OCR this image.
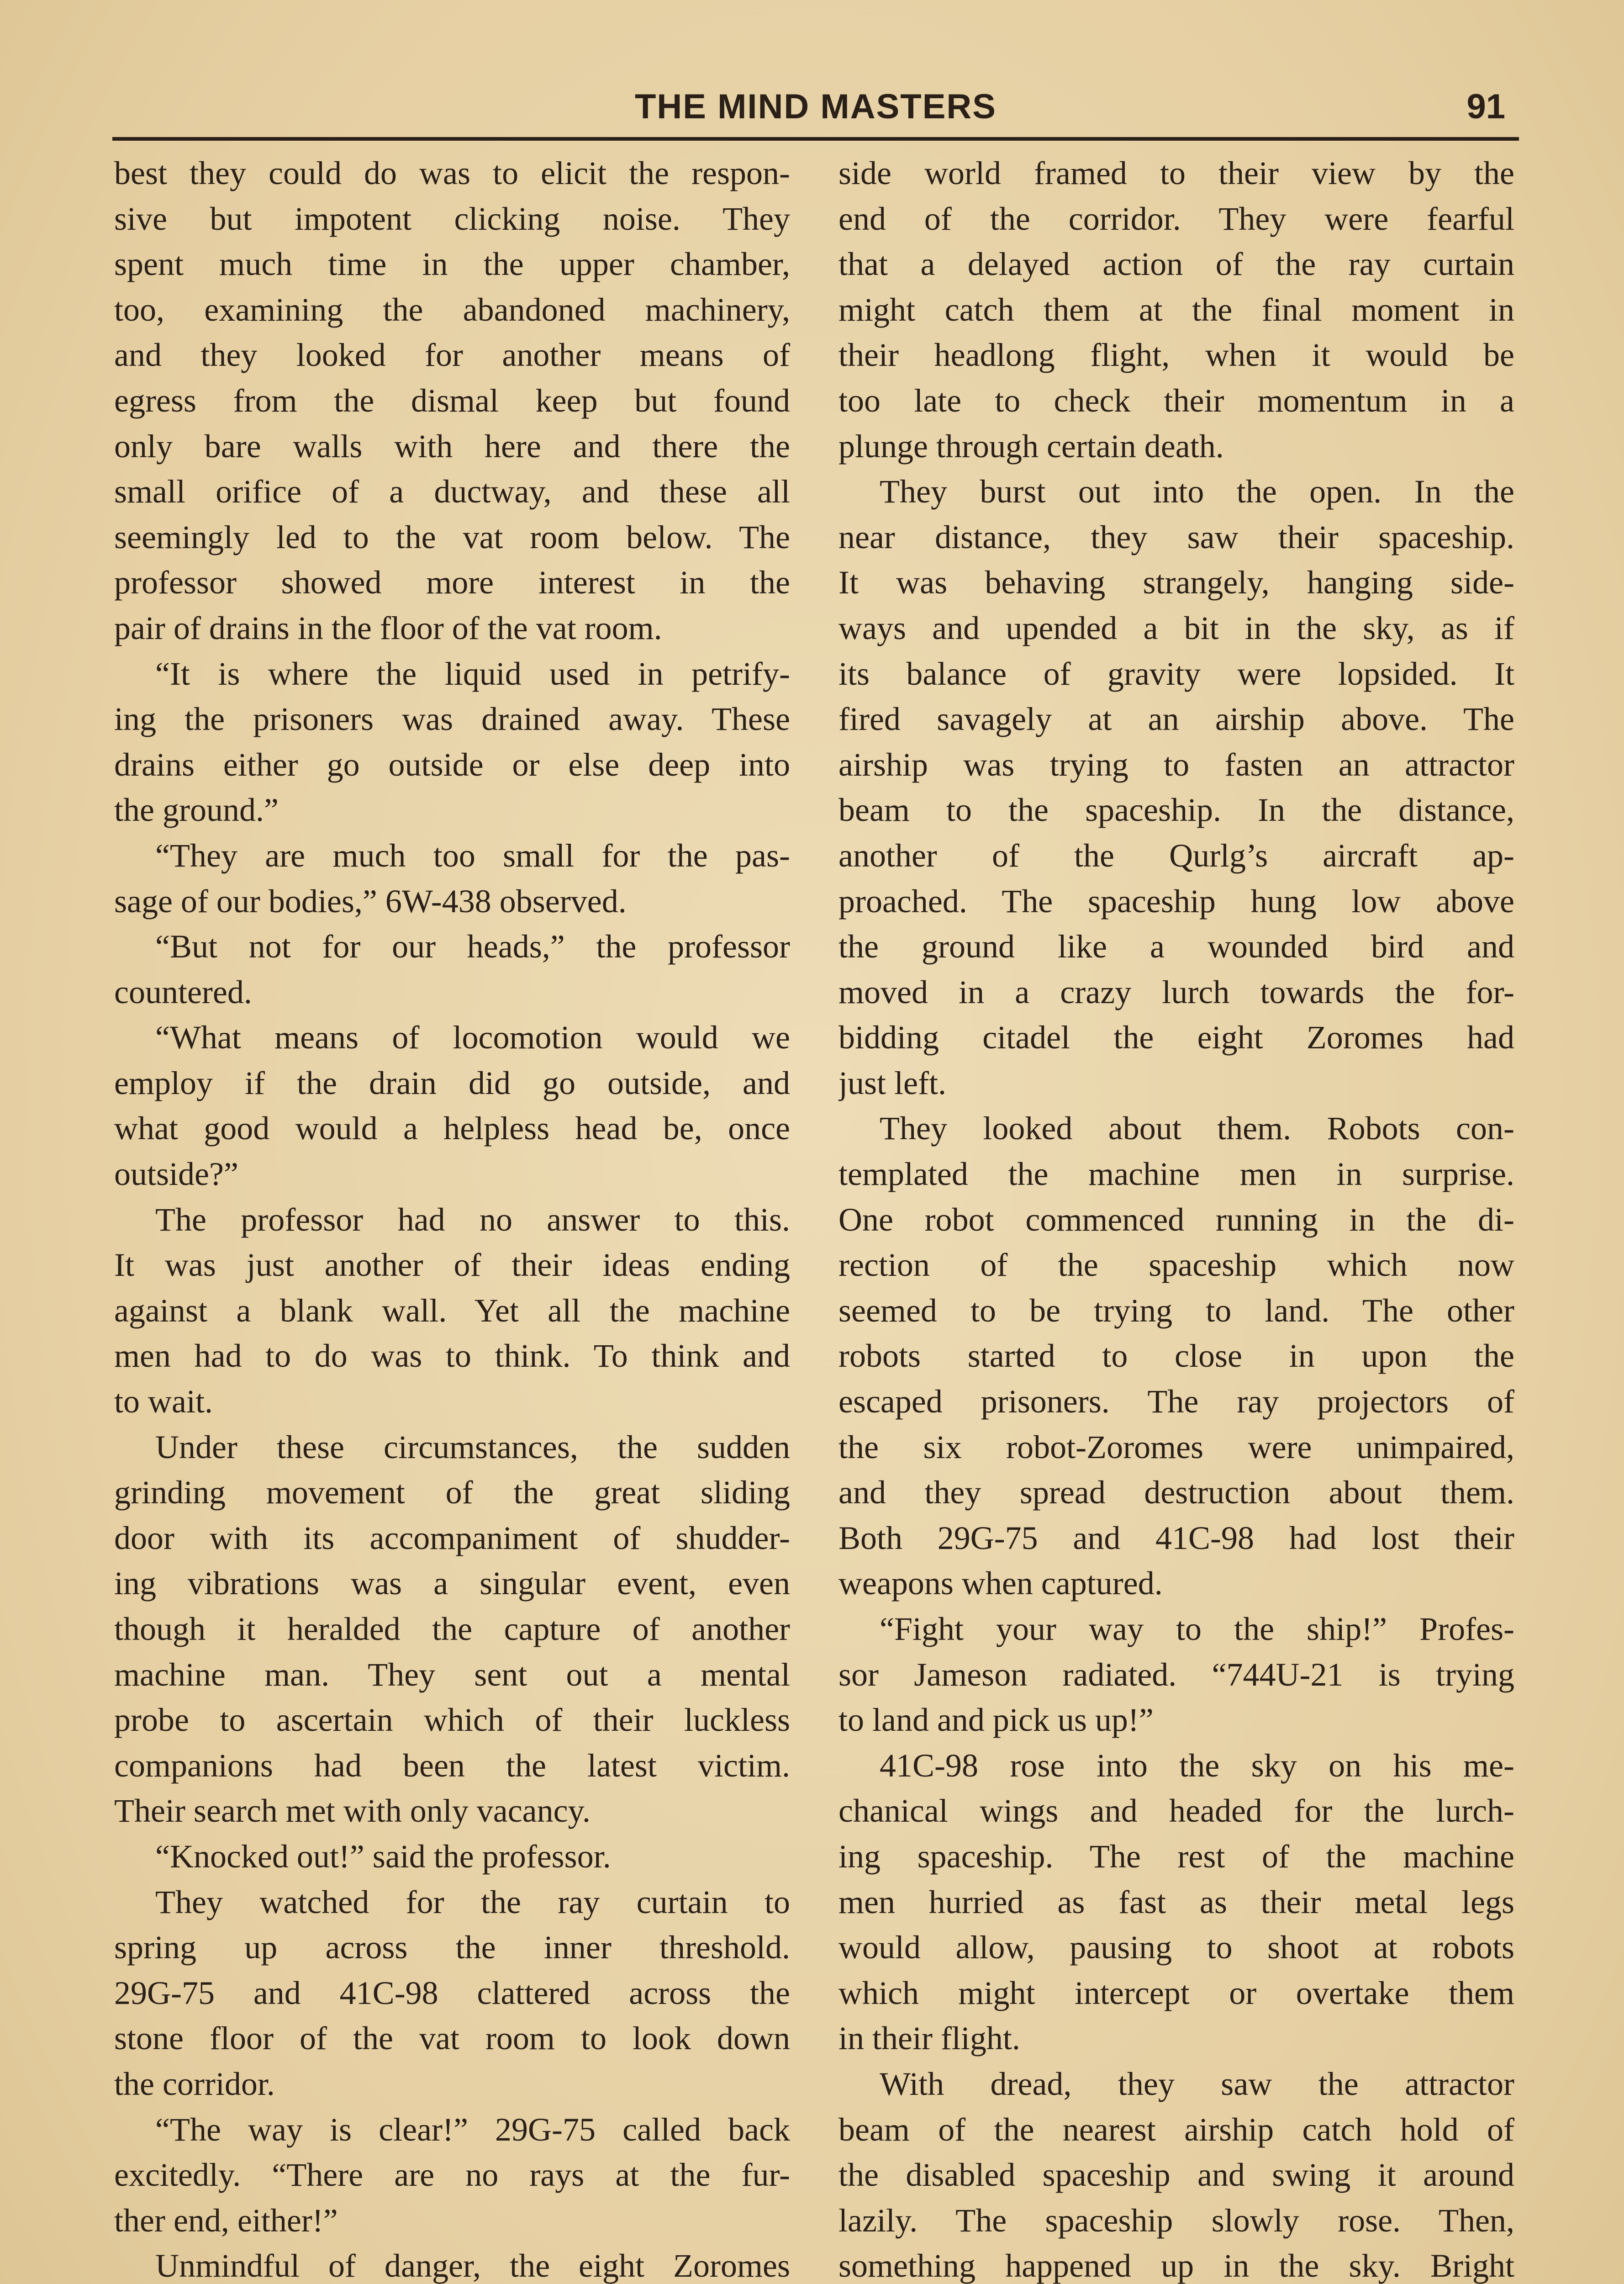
THE MIND MASTERS	91
best they could do was to elicit the respon-
sive but impotent clicking noise. They
spent much time in the upper chamber,
too, examining the abandoned machinery,
and they looked for another means of
egress from the dismal keep but found
only bare walls with here and there the
small orifice of a ductway, and these all
seemingly led to the vat room below. The
professor showed more interest in the
pair of drains in the floor of the vat room.
“It is where the liquid used in petrify-
ing the prisoners was drained away. These
drains either go outside or else deep into
the ground.”
“They are much too small for the pas-
sage of our bodies,” 6W-438 observed.
“But not for our heads,” the professor
countered.
“What means of locomotion would we
employ if the drain did go outside, and
what good would a helpless head be, once
outside?”
The professor had no answer to this.
It was just another of their ideas ending
against a blank wall. Yet all the machine
men had to do was to think. To think and
to wait.
Under these circumstances, the sudden
grinding movement of the great sliding
door with its accompaniment of shudder-
ing vibrations was a singular event, even
though it heralded the capture of another
machine man. They sent out a mental
probe to ascertain which of their luckless
companions had been the latest victim.
Their search met with only vacancy.
“Knocked out!” said the professor.
They watched for the ray curtain to
spring up across the inner threshold.
29G-75 and 41C-98 clattered across the
stone floor of the vat room to look down
the corridor.
“The way is clear!” 29G-75 called back
excitedly. “There are no rays at the fur-
ther end, either!”
Unmindful of danger, the eight Zoromes
side world framed to their view by the
end of the corridor. They were fearful
that a delayed action of the ray curtain
might catch them at the final moment in
their headlong flight, when it would be
too late to check their momentum in a
plunge through certain death.
They burst out into the open. In the
near distance, they saw their spaceship.
It was behaving strangely, hanging side-
ways and upended a bit in the sky, as if
its balance of gravity were lopsided. It
fired savagely at an airship above. The
airship was trying to fasten an attractor
beam to the spaceship. In the distance,
another of the Qurlg’s aircraft ap-
proached. The spaceship hung low above
the ground like a wounded bird and
moved in a crazy lurch towards the for-
bidding citadel the eight Zoromes had
just left.
They looked about them. Robots con-
templated the machine men in surprise.
One robot commenced running in the di-
rection of the spaceship which now
seemed to be trying to land. The other
robots started to close in upon the
escaped prisoners. The ray projectors of
the six robot-Zoromes were unimpaired,
and they spread destruction about them.
Both 29G-75 and 41C-98 had lost their
weapons when captured.
“Fight your way to the ship!” Profes-
sor Jameson radiated. “744U-21 is trying
to land and pick us up!”
41C-98 rose into the sky on his me-
chanical wings and headed for the lurch-
ing spaceship. The rest of the machine
men hurried as fast as their metal legs
would allow, pausing to shoot at robots
which might intercept or overtake them
in their flight.
With dread, they saw the attractor
beam of the nearest airship catch hold of
the disabled spaceship and swing it around
lazily. The spaceship slowly rose. Then,
something happened up in the sky. Bright
